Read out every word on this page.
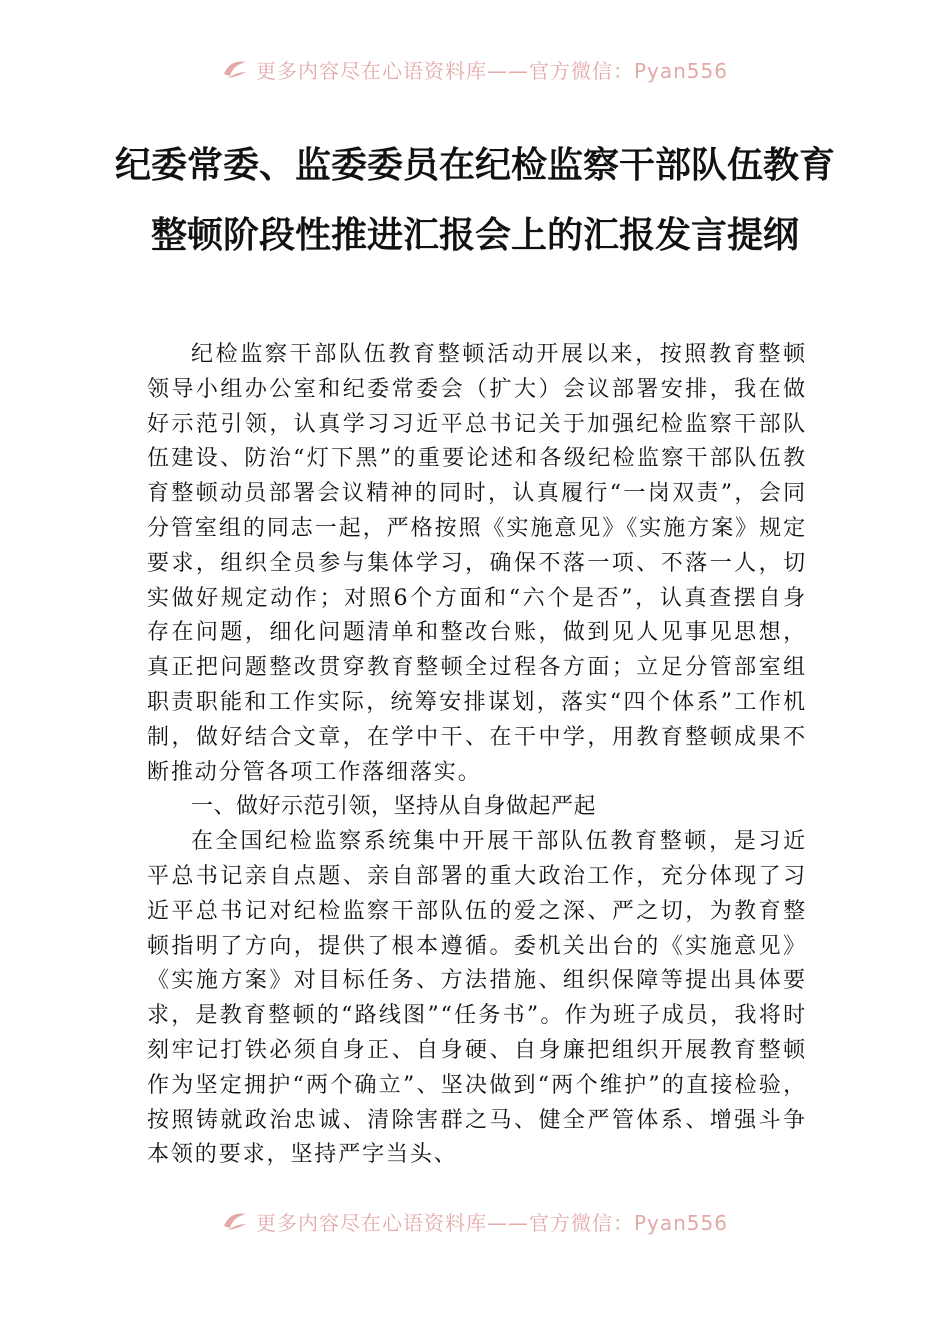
更多内容尽在心语资料库——官方微信：Pyan556
纪委常委、监委委员在纪检监察干部队伍教育整顿阶段性推进汇报会上的汇报发言提纲

纪检监察干部队伍教育整顿活动开展以来，按照教育整顿领导小组办公室和纪委常委会（扩大）会议部署安排，我在做好示范引领，认真学习习近平总书记关于加强纪检监察干部队伍建设、防治“灯下黑”的重要论述和各级纪检监察干部队伍教育整顿动员部署会议精神的同时，认真履行“一岗双责”，会同分管室组的同志一起，严格按照《实施意见》《实施方案》规定要求，组织全员参与集体学习，确保不落一项、不落一人，切实做好规定动作；对照6个方面和“六个是否”，认真查摆自身存在问题，细化问题清单和整改台账，做到见人见事见思想，真正把问题整改贯穿教育整顿全过程各方面；立足分管部室组职责职能和工作实际，统筹安排谋划，落实“四个体系”工作机制，做好结合文章，在学中干、在干中学，用教育整顿成果不断推动分管各项工作落细落实。

一、做好示范引领，坚持从自身做起严起

在全国纪检监察系统集中开展干部队伍教育整顿，是习近平总书记亲自点题、亲自部署的重大政治工作，充分体现了习近平总书记对纪检监察干部队伍的爱之深、严之切，为教育整顿指明了方向，提供了根本遵循。委机关出台的《实施意见》《实施方案》对目标任务、方法措施、组织保障等提出具体要求，是教育整顿的“路线图”“任务书”。作为班子成员，我将时刻牢记打铁必须自身正、自身硬、自身廉把组织开展教育整顿作为坚定拥护“两个确立”、坚决做到“两个维护”的直接检验，按照铸就政治忠诚、清除害群之马、健全严管体系、增强斗争本领的要求，坚持严字当头、

更多内容尽在心语资料库——官方微信：Pyan556
